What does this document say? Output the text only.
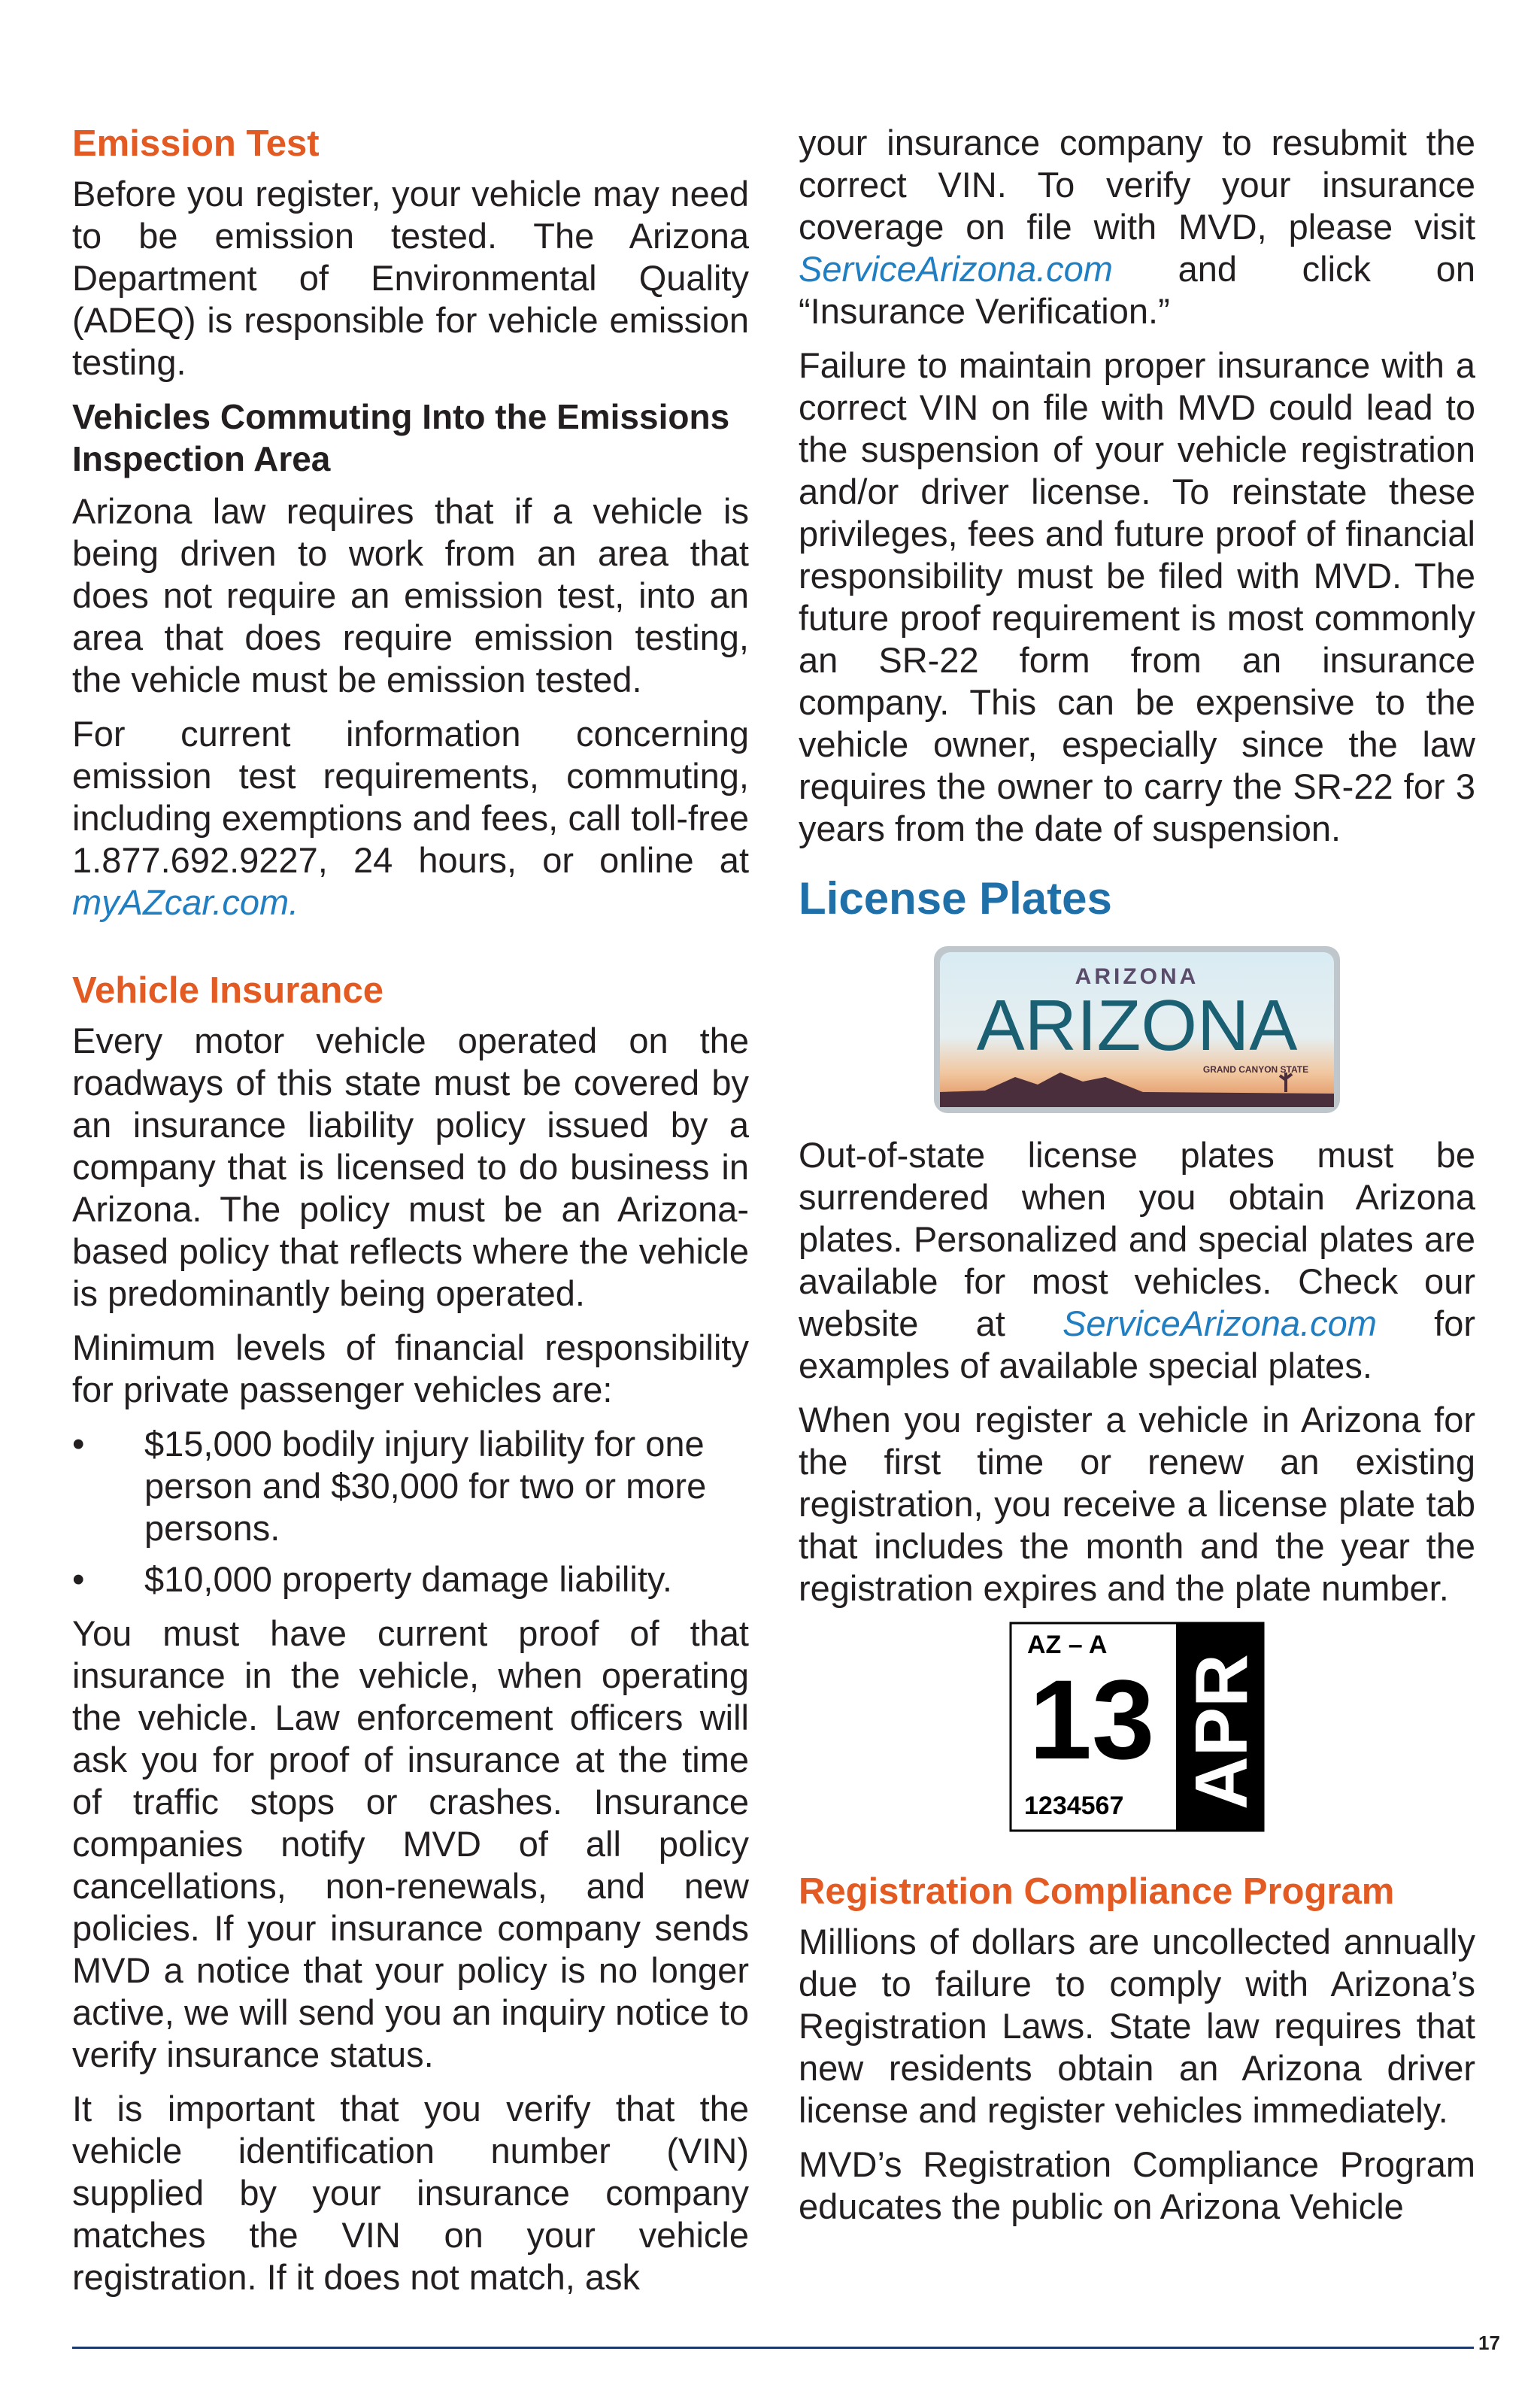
Emission Test

Before you register, your vehicle may need to be emission tested. The Arizona Department of Environmental Quality (ADEQ) is responsible for vehicle emission testing.

Vehicles Commuting Into the Emissions Inspection Area

Arizona law requires that if a vehicle is being driven to work from an area that does not require an emission test, into an area that does require emission testing, the vehicle must be emission tested.

For current information concerning emission test requirements, commuting, including exemptions and fees, call toll-free 1.877.692.9227, 24 hours, or online at myAZcar.com.

Vehicle Insurance

Every motor vehicle operated on the roadways of this state must be covered by an insurance liability policy issued by a company that is licensed to do business in Arizona. The policy must be an Arizona-based policy that reflects where the vehicle is predominantly being operated.

Minimum levels of financial responsibility for private passenger vehicles are:

• $15,000 bodily injury liability for one person and $30,000 for two or more persons.
• $10,000 property damage liability.

You must have current proof of that insurance in the vehicle, when operating the vehicle. Law enforcement officers will ask you for proof of insurance at the time of traffic stops or crashes. Insurance companies notify MVD of all policy cancellations, non-renewals, and new policies. If your insurance company sends MVD a notice that your policy is no longer active, we will send you an inquiry notice to verify insurance status.

It is important that you verify that the vehicle identification number (VIN) supplied by your insurance company matches the VIN on your vehicle registration. If it does not match, ask

your insurance company to resubmit the correct VIN. To verify your insurance coverage on file with MVD, please visit ServiceArizona.com and click on “Insurance Verification.”

Failure to maintain proper insurance with a correct VIN on file with MVD could lead to the suspension of your vehicle registration and/or driver license. To reinstate these privileges, fees and future proof of financial responsibility must be filed with MVD. The future proof requirement is most commonly an SR-22 form from an insurance company. This can be expensive to the vehicle owner, especially since the law requires the owner to carry the SR-22 for 3 years from the date of suspension.

License Plates
ARIZONA
ARIZONA
GRAND CANYON STATE

Out-of-state license plates must be surrendered when you obtain Arizona plates. Personalized and special plates are available for most vehicles. Check our website at ServiceArizona.com for examples of available special plates.

When you register a vehicle in Arizona for the first time or renew an existing registration, you receive a license plate tab that includes the month and the year the registration expires and the plate number.

AZ – A
13
1234567 APR
Registration Compliance Program

Millions of dollars are uncollected annually due to failure to comply with Arizona’s Registration Laws. State law requires that new residents obtain an Arizona driver license and register vehicles immediately.

MVD’s Registration Compliance Program educates the public on Arizona Vehicle

17
